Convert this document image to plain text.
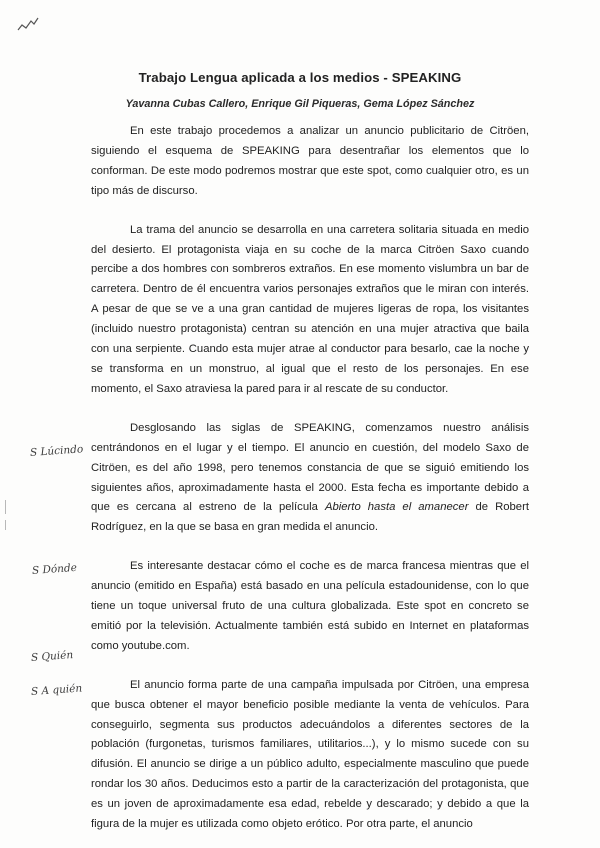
Trabajo Lengua aplicada a los medios - SPEAKING
Yavanna Cubas Callero, Enrique Gil Piqueras, Gema López Sánchez

En este trabajo procedemos a analizar un anuncio publicitario de Citröen, siguiendo el esquema de SPEAKING para desentrañar los elementos que lo conforman. De este modo podremos mostrar que este spot, como cualquier otro, es un tipo más de discurso.

La trama del anuncio se desarrolla en una carretera solitaria situada en medio del desierto. El protagonista viaja en su coche de la marca Citröen Saxo cuando percibe a dos hombres con sombreros extraños. En ese momento vislumbra un bar de carretera. Dentro de él encuentra varios personajes extraños que le miran con interés. A pesar de que se ve a una gran cantidad de mujeres ligeras de ropa, los visitantes (incluido nuestro protagonista) centran su atención en una mujer atractiva que baila con una serpiente. Cuando esta mujer atrae al conductor para besarlo, cae la noche y se transforma en un monstruo, al igual que el resto de los personajes. En ese momento, el Saxo atraviesa la pared para ir al rescate de su conductor.

Desglosando las siglas de SPEAKING, comenzamos nuestro análisis centrándonos en el lugar y el tiempo. El anuncio en cuestión, del modelo Saxo de Citröen, es del año 1998, pero tenemos constancia de que se siguió emitiendo los siguientes años, aproximadamente hasta el 2000. Esta fecha es importante debido a que es cercana al estreno de la película Abierto hasta el amanecer de Robert Rodríguez, en la que se basa en gran medida el anuncio.

Es interesante destacar cómo el coche es de marca francesa mientras que el anuncio (emitido en España) está basado en una película estadounidense, con lo que tiene un toque universal fruto de una cultura globalizada. Este spot en concreto se emitió por la televisión. Actualmente también está subido en Internet en plataformas como youtube.com.

El anuncio forma parte de una campaña impulsada por Citröen, una empresa que busca obtener el mayor beneficio posible mediante la venta de vehículos. Para conseguirlo, segmenta sus productos adecuándolos a diferentes sectores de la población (furgonetas, turismos familiares, utilitarios...), y lo mismo sucede con su difusión. El anuncio se dirige a un público adulto, especialmente masculino que puede rondar los 30 años. Deducimos esto a partir de la caracterización del protagonista, que es un joven de aproximadamente esa edad, rebelde y descarado; y debido a que la figura de la mujer es utilizada como objeto erótico. Por otra parte, el anuncio

S Lúcindo
S Dónde
S Quién
S A quién
